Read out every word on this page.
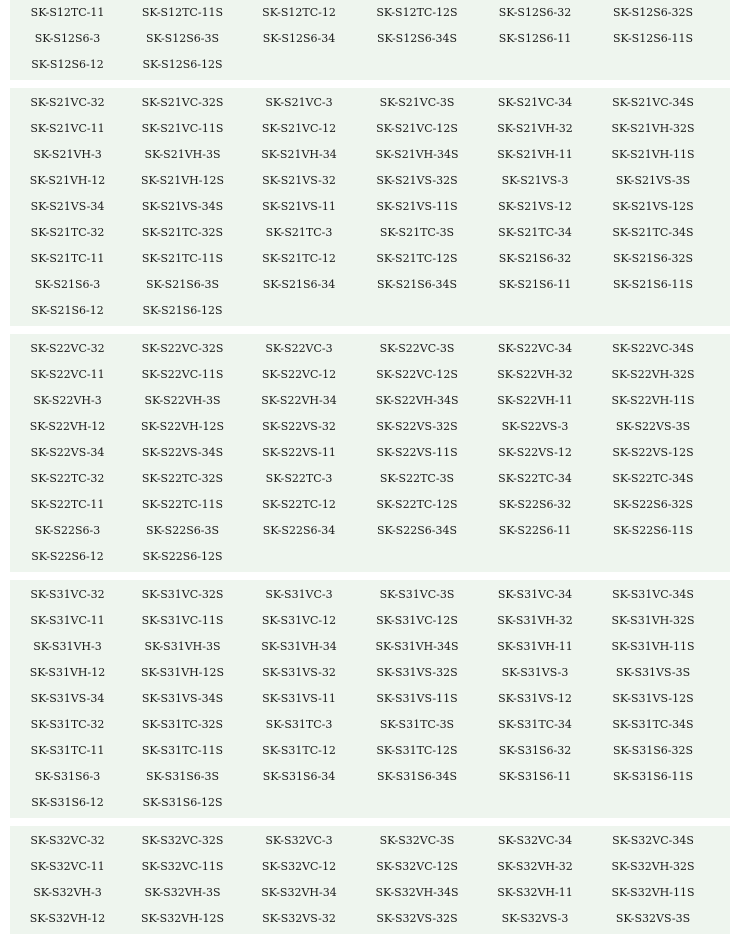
SK-S12TC-11	SK-S12TC-11S	SK-S12TC-12	SK-S12TC-12S	SK-S12S6-32	SK-S12S6-32S
SK-S12S6-3	SK-S12S6-3S	SK-S12S6-34	SK-S12S6-34S	SK-S12S6-11	SK-S12S6-11S
SK-S12S6-12	SK-S12S6-12S
SK-S21VC-32	SK-S21VC-32S	SK-S21VC-3	SK-S21VC-3S	SK-S21VC-34	SK-S21VC-34S
SK-S21VC-11	SK-S21VC-11S	SK-S21VC-12	SK-S21VC-12S	SK-S21VH-32	SK-S21VH-32S
SK-S21VH-3	SK-S21VH-3S	SK-S21VH-34	SK-S21VH-34S	SK-S21VH-11	SK-S21VH-11S
SK-S21VH-12	SK-S21VH-12S	SK-S21VS-32	SK-S21VS-32S	SK-S21VS-3	SK-S21VS-3S
SK-S21VS-34	SK-S21VS-34S	SK-S21VS-11	SK-S21VS-11S	SK-S21VS-12	SK-S21VS-12S
SK-S21TC-32	SK-S21TC-32S	SK-S21TC-3	SK-S21TC-3S	SK-S21TC-34	SK-S21TC-34S
SK-S21TC-11	SK-S21TC-11S	SK-S21TC-12	SK-S21TC-12S	SK-S21S6-32	SK-S21S6-32S
SK-S21S6-3	SK-S21S6-3S	SK-S21S6-34	SK-S21S6-34S	SK-S21S6-11	SK-S21S6-11S
SK-S21S6-12	SK-S21S6-12S
SK-S22VC-32	SK-S22VC-32S	SK-S22VC-3	SK-S22VC-3S	SK-S22VC-34	SK-S22VC-34S
SK-S22VC-11	SK-S22VC-11S	SK-S22VC-12	SK-S22VC-12S	SK-S22VH-32	SK-S22VH-32S
SK-S22VH-3	SK-S22VH-3S	SK-S22VH-34	SK-S22VH-34S	SK-S22VH-11	SK-S22VH-11S
SK-S22VH-12	SK-S22VH-12S	SK-S22VS-32	SK-S22VS-32S	SK-S22VS-3	SK-S22VS-3S
SK-S22VS-34	SK-S22VS-34S	SK-S22VS-11	SK-S22VS-11S	SK-S22VS-12	SK-S22VS-12S
SK-S22TC-32	SK-S22TC-32S	SK-S22TC-3	SK-S22TC-3S	SK-S22TC-34	SK-S22TC-34S
SK-S22TC-11	SK-S22TC-11S	SK-S22TC-12	SK-S22TC-12S	SK-S22S6-32	SK-S22S6-32S
SK-S22S6-3	SK-S22S6-3S	SK-S22S6-34	SK-S22S6-34S	SK-S22S6-11	SK-S22S6-11S
SK-S22S6-12	SK-S22S6-12S
SK-S31VC-32	SK-S31VC-32S	SK-S31VC-3	SK-S31VC-3S	SK-S31VC-34	SK-S31VC-34S
SK-S31VC-11	SK-S31VC-11S	SK-S31VC-12	SK-S31VC-12S	SK-S31VH-32	SK-S31VH-32S
SK-S31VH-3	SK-S31VH-3S	SK-S31VH-34	SK-S31VH-34S	SK-S31VH-11	SK-S31VH-11S
SK-S31VH-12	SK-S31VH-12S	SK-S31VS-32	SK-S31VS-32S	SK-S31VS-3	SK-S31VS-3S
SK-S31VS-34	SK-S31VS-34S	SK-S31VS-11	SK-S31VS-11S	SK-S31VS-12	SK-S31VS-12S
SK-S31TC-32	SK-S31TC-32S	SK-S31TC-3	SK-S31TC-3S	SK-S31TC-34	SK-S31TC-34S
SK-S31TC-11	SK-S31TC-11S	SK-S31TC-12	SK-S31TC-12S	SK-S31S6-32	SK-S31S6-32S
SK-S31S6-3	SK-S31S6-3S	SK-S31S6-34	SK-S31S6-34S	SK-S31S6-11	SK-S31S6-11S
SK-S31S6-12	SK-S31S6-12S
SK-S32VC-32	SK-S32VC-32S	SK-S32VC-3	SK-S32VC-3S	SK-S32VC-34	SK-S32VC-34S
SK-S32VC-11	SK-S32VC-11S	SK-S32VC-12	SK-S32VC-12S	SK-S32VH-32	SK-S32VH-32S
SK-S32VH-3	SK-S32VH-3S	SK-S32VH-34	SK-S32VH-34S	SK-S32VH-11	SK-S32VH-11S
SK-S32VH-12	SK-S32VH-12S	SK-S32VS-32	SK-S32VS-32S	SK-S32VS-3	SK-S32VS-3S
